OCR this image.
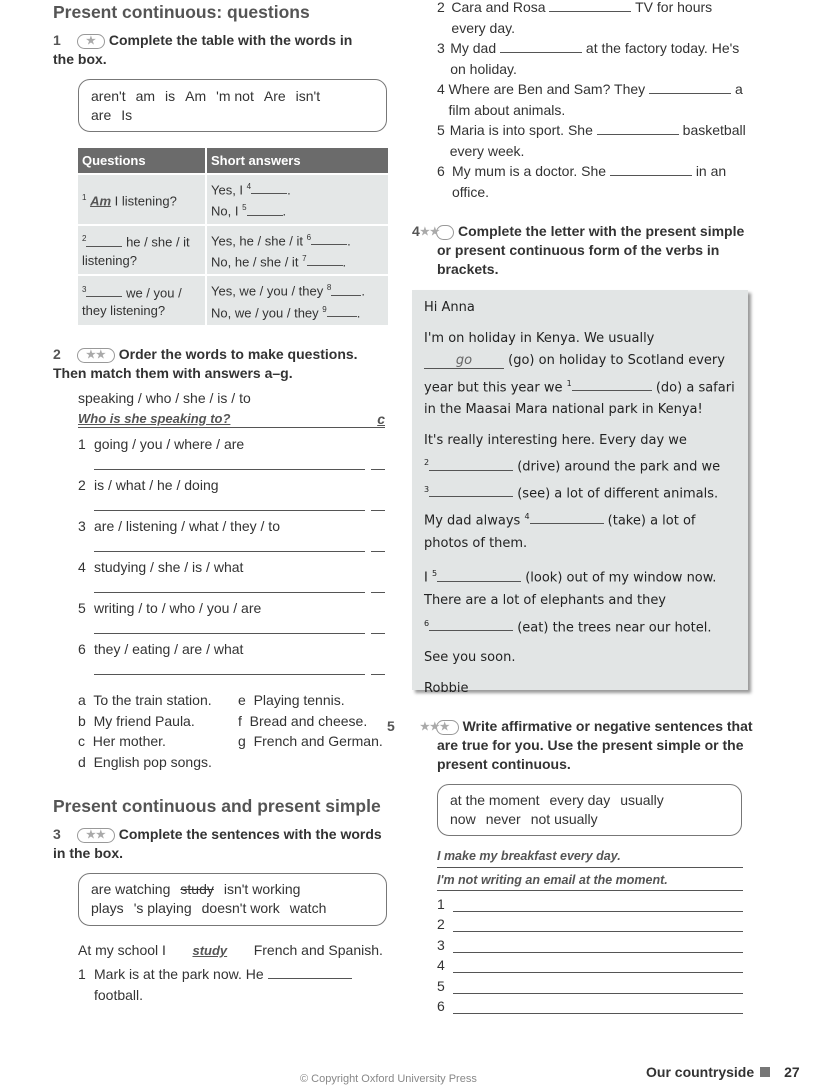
Present continuous: questions
1 ★ Complete the table with the words in the box.
aren't am is Am 'm not Are isn't
are Is
Questions	Short answers
$^1$ Am I listening?	Yes, I $^4$ .
No, I $^5$ .
$^2$ he / she / it listening?	Yes, he / she / it $^6$ .
No, he / she / it $^7$ .
$^3$ we / you / they listening?	Yes, we / you / they $^8$ .
No, we / you / they $^9$ .
2 ★★ Order the words to make questions. Then match them with answers a–g.
speaking / who / she / is / to
Who is she speaking to?	c
1 going / you / where / are
2 is / what / he / doing
3 are / listening / what / they / to
4 studying / she / is / what
5 writing / to / who / you / are
6 they / eating / are / what
a To the train station.	e Playing tennis.
b My friend Paula.	f Bread and cheese.
c Her mother.	g French and German.
d English pop songs.
Present continuous and present simple
3 ★★ Complete the sentences with the words in the box.
are watching study isn't working
plays 's playing doesn't work watch
At my school I study French and Spanish.
1 Mark is at the park now. He
football.
2 Cara and Rosa	TV for hours every day.
3 My dad	at the factory today. He's on holiday.
4 Where are Ben and Sam? They	a film about animals.
5 Maria is into sport. She	basketball every week.
6 My mum is a doctor. She	in an office.
4★★ Complete the letter with the present simple or present continuous form of the verbs in brackets.
Hi Anna
I'm on holiday in Kenya. We usually
go	(go) on holiday to Scotland every year but this year we $^1$	(do) a safari in the Maasai Mara national park in Kenya!
It's really interesting here. Every day we
$^2$	(drive) around the park and we
$^3$	(see) a lot of different animals. My dad always $^4$	(take) a lot of photos of them.
I $^5$	(look) out of my window now. There are a lot of elephants and they
$^6$	(eat) the trees near our hotel.
See you soon.
Robbie
5 ★★★ Write affirmative or negative sentences that are true for you. Use the present simple or the present continuous.
at the moment every day usually
now never not usually
I make my breakfast every day.
I'm not writing an email at the moment.
1
2
3
4
5
6
Our countryside 27
© Copyright Oxford University Press
